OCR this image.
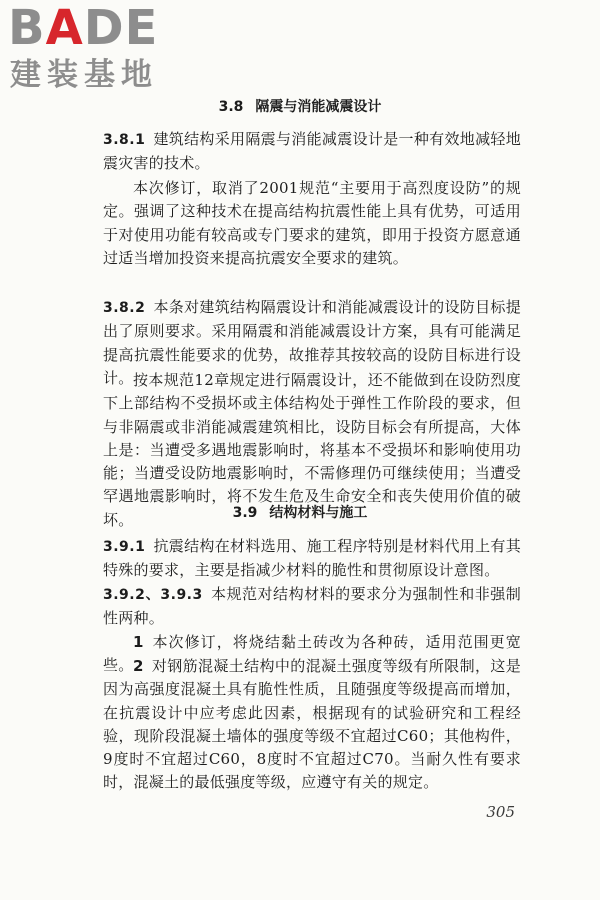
BADE
建装基地
3.8 隔震与消能减震设计

3.8.1 建筑结构采用隔震与消能减震设计是一种有效地减轻地震灾害的技术。

本次修订，取消了2001规范“主要用于高烈度设防”的规定。强调了这种技术在提高结构抗震性能上具有优势，可适用于对使用功能有较高或专门要求的建筑，即用于投资方愿意通过适当增加投资来提高抗震安全要求的建筑。

3.8.2 本条对建筑结构隔震设计和消能减震设计的设防目标提出了原则要求。采用隔震和消能减震设计方案，具有可能满足提高抗震性能要求的优势，故推荐其按较高的设防目标进行设计。 按本规范12章规定进行隔震设计，还不能做到在设防烈度下上部结构不受损坏或主体结构处于弹性工作阶段的要求，但与非隔震或非消能减震建筑相比，设防目标会有所提高，大体上是：当遭受多遇地震影响时，将基本不受损坏和影响使用功能；当遭受设防地震影响时，不需修理仍可继续使用；当遭受罕遇地震影响时，将不发生危及生命安全和丧失使用价值的破坏。	3.9 结构材料与施工

3.9.1 抗震结构在材料选用、施工程序特别是材料代用上有其特殊的要求，主要是指减少材料的脆性和贯彻原设计意图。

3.9.2、3.9.3 本规范对结构材料的要求分为强制性和非强制性两种。

1 本次修订，将烧结黏土砖改为各种砖，适用范围更宽些。 2 对钢筋混凝土结构中的混凝土强度等级有所限制，这是因为高强度混凝土具有脆性性质，且随强度等级提高而增加，在抗震设计中应考虑此因素，根据现有的试验研究和工程经验，现阶段混凝土墙体的强度等级不宜超过C60；其他构件，9度时不宜超过C60，8度时不宜超过C70。当耐久性有要求时，混凝土的最低强度等级，应遵守有关的规定。

305
